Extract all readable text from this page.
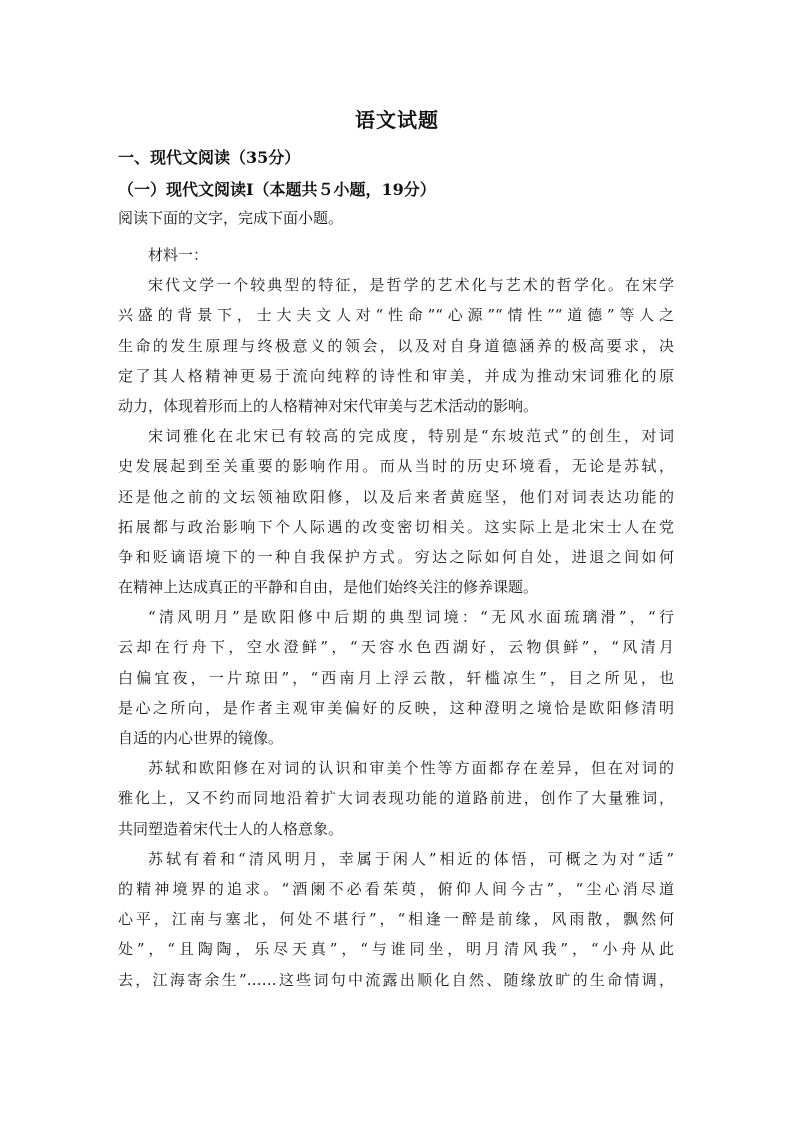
语文试题
一、现代文阅读（35分）
（一）现代文阅读Ⅰ（本题共５小题，19分）
阅读下面的文字，完成下面小题。
材料一：
宋代文学一个较典型的特征，是哲学的艺术化与艺术的哲学化。在宋学
兴盛的背景下，士大夫文人对“性命”“心源”“情性”“道德”等人之
生命的发生原理与终极意义的领会，以及对自身道德涵养的极高要求，决
定了其人格精神更易于流向纯粹的诗性和审美，并成为推动宋词雅化的原
动力，体现着形而上的人格精神对宋代审美与艺术活动的影响。
宋词雅化在北宋已有较高的完成度，特别是“东坡范式”的创生，对词
史发展起到至关重要的影响作用。而从当时的历史环境看，无论是苏轼，
还是他之前的文坛领袖欧阳修，以及后来者黄庭坚，他们对词表达功能的
拓展都与政治影响下个人际遇的改变密切相关。这实际上是北宋士人在党
争和贬谪语境下的一种自我保护方式。穷达之际如何自处，进退之间如何
在精神上达成真正的平静和自由，是他们始终关注的修养课题。
“清风明月”是欧阳修中后期的典型词境：“无风水面琉璃滑”，“行
云却在行舟下，空水澄鲜”，“天容水色西湖好，云物俱鲜”，“风清月
白偏宜夜，一片琼田”，“西南月上浮云散，轩槛凉生”，目之所见，也
是心之所向，是作者主观审美偏好的反映，这种澄明之境恰是欧阳修清明
自适的内心世界的镜像。
苏轼和欧阳修在对词的认识和审美个性等方面都存在差异，但在对词的
雅化上，又不约而同地沿着扩大词表现功能的道路前进，创作了大量雅词，
共同塑造着宋代士人的人格意象。
苏轼有着和“清风明月，幸属于闲人”相近的体悟，可概之为对“适”
的精神境界的追求。“酒阑不必看茱萸，俯仰人间今古”，“尘心消尽道
心平，江南与塞北，何处不堪行”，“相逢一醉是前缘，风雨散，飘然何
处”，“且陶陶，乐尽天真”，“与谁同坐，明月清风我”，“小舟从此
去，江海寄余生”……这些词句中流露出顺化自然、随缘放旷的生命情调，
